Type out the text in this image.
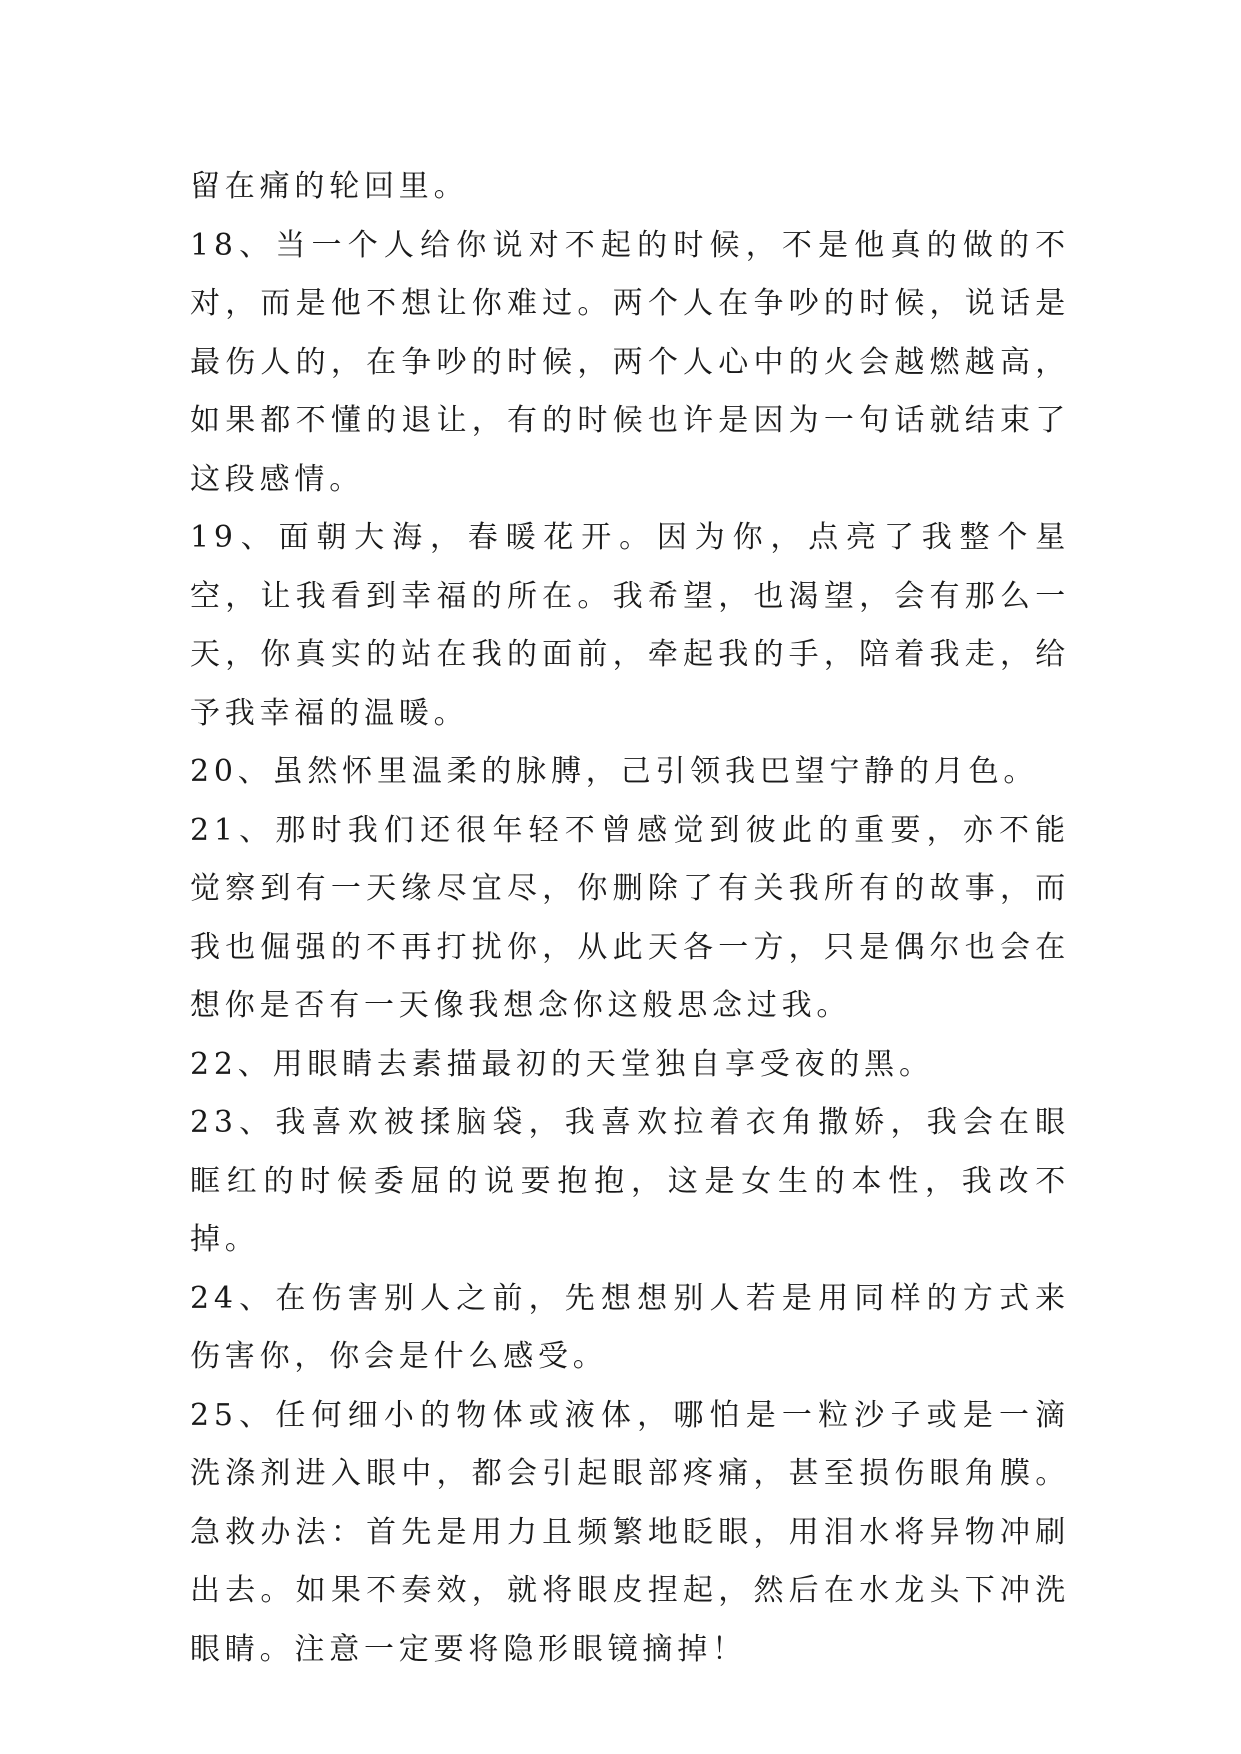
留在痛的轮回里。

18、当一个人给你说对不起的时候，不是他真的做的不对，而是他不想让你难过。两个人在争吵的时候，说话是最伤人的，在争吵的时候，两个人心中的火会越燃越高，如果都不懂的退让，有的时候也许是因为一句话就结束了这段感情。

19、面朝大海，春暖花开。因为你，点亮了我整个星空，让我看到幸福的所在。我希望，也渴望，会有那么一天，你真实的站在我的面前，牵起我的手，陪着我走，给予我幸福的温暖。

20、虽然怀里温柔的脉膊，己引领我巴望宁静的月色。

21、那时我们还很年轻不曾感觉到彼此的重要，亦不能觉察到有一天缘尽宜尽，你删除了有关我所有的故事，而我也倔强的不再打扰你，从此天各一方，只是偶尔也会在想你是否有一天像我想念你这般思念过我。

22、用眼睛去素描最初的天堂独自享受夜的黑。

23、我喜欢被揉脑袋，我喜欢拉着衣角撒娇，我会在眼眶红的时候委屈的说要抱抱，这是女生的本性，我改不掉。

24、在伤害别人之前，先想想别人若是用同样的方式来伤害你，你会是什么感受。

25、任何细小的物体或液体，哪怕是一粒沙子或是一滴洗涤剂进入眼中，都会引起眼部疼痛，甚至损伤眼角膜。急救办法：首先是用力且频繁地眨眼，用泪水将异物冲刷出去。如果不奏效，就将眼皮捏起，然后在水龙头下冲洗眼睛。注意一定要将隐形眼镜摘掉！
